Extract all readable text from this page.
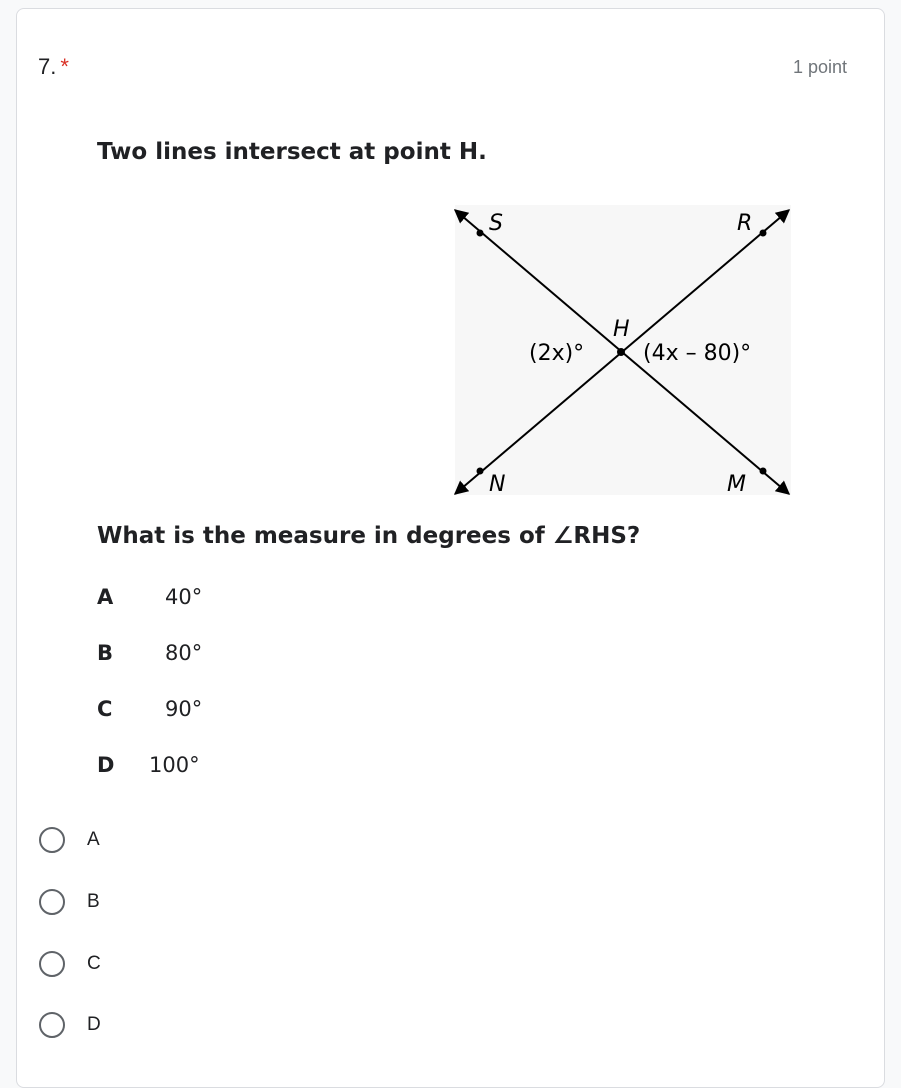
7. *	1 point
Two lines intersect at point H.
S	R
H
N	M
(2x)°	(4x – 80)°
What is the measure in degrees of ∠RHS?
A 40°
B 80°
C	90°
D 100°
A
B
C
D
